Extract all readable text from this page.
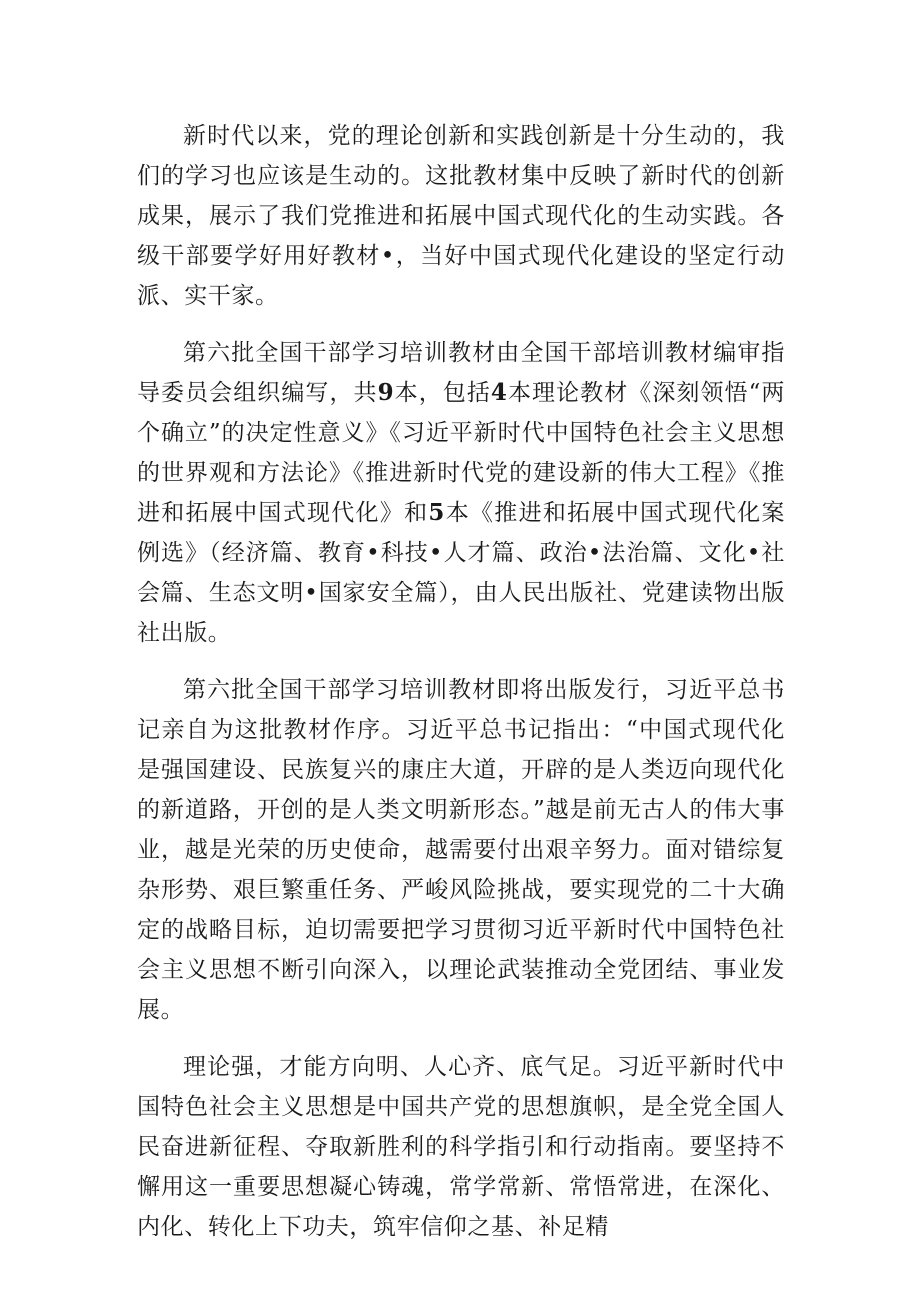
新时代以来，党的理论创新和实践创新是十分生动的，我们的学习也应该是生动的。这批教材集中反映了新时代的创新成果，展示了我们党推进和拓展中国式现代化的生动实践。各级干部要学好用好教材•，当好中国式现代化建设的坚定行动派、实干家。

第六批全国干部学习培训教材由全国干部培训教材编审指导委员会组织编写，共9本，包括4本理论教材《深刻领悟“两个确立”的决定性意义》《习近平新时代中国特色社会主义思想的世界观和方法论》《推进新时代党的建设新的伟大工程》《推进和拓展中国式现代化》和5本《推进和拓展中国式现代化案例选》（经济篇、教育•科技•人才篇、政治•法治篇、文化•社会篇、生态文明•国家安全篇），由人民出版社、党建读物出版社出版。

第六批全国干部学习培训教材即将出版发行，习近平总书记亲自为这批教材作序。习近平总书记指出：“中国式现代化是强国建设、民族复兴的康庄大道，开辟的是人类迈向现代化的新道路，开创的是人类文明新形态。”越是前无古人的伟大事业，越是光荣的历史使命，越需要付出艰辛努力。面对错综复杂形势、艰巨繁重任务、严峻风险挑战，要实现党的二十大确定的战略目标，迫切需要把学习贯彻习近平新时代中国特色社会主义思想不断引向深入，以理论武装推动全党团结、事业发展。

理论强，才能方向明、人心齐、底气足。习近平新时代中国特色社会主义思想是中国共产党的思想旗帜，是全党全国人民奋进新征程、夺取新胜利的科学指引和行动指南。要坚持不懈用这一重要思想凝心铸魂，常学常新、常悟常进，在深化、内化、转化上下功夫，筑牢信仰之基、补足精
